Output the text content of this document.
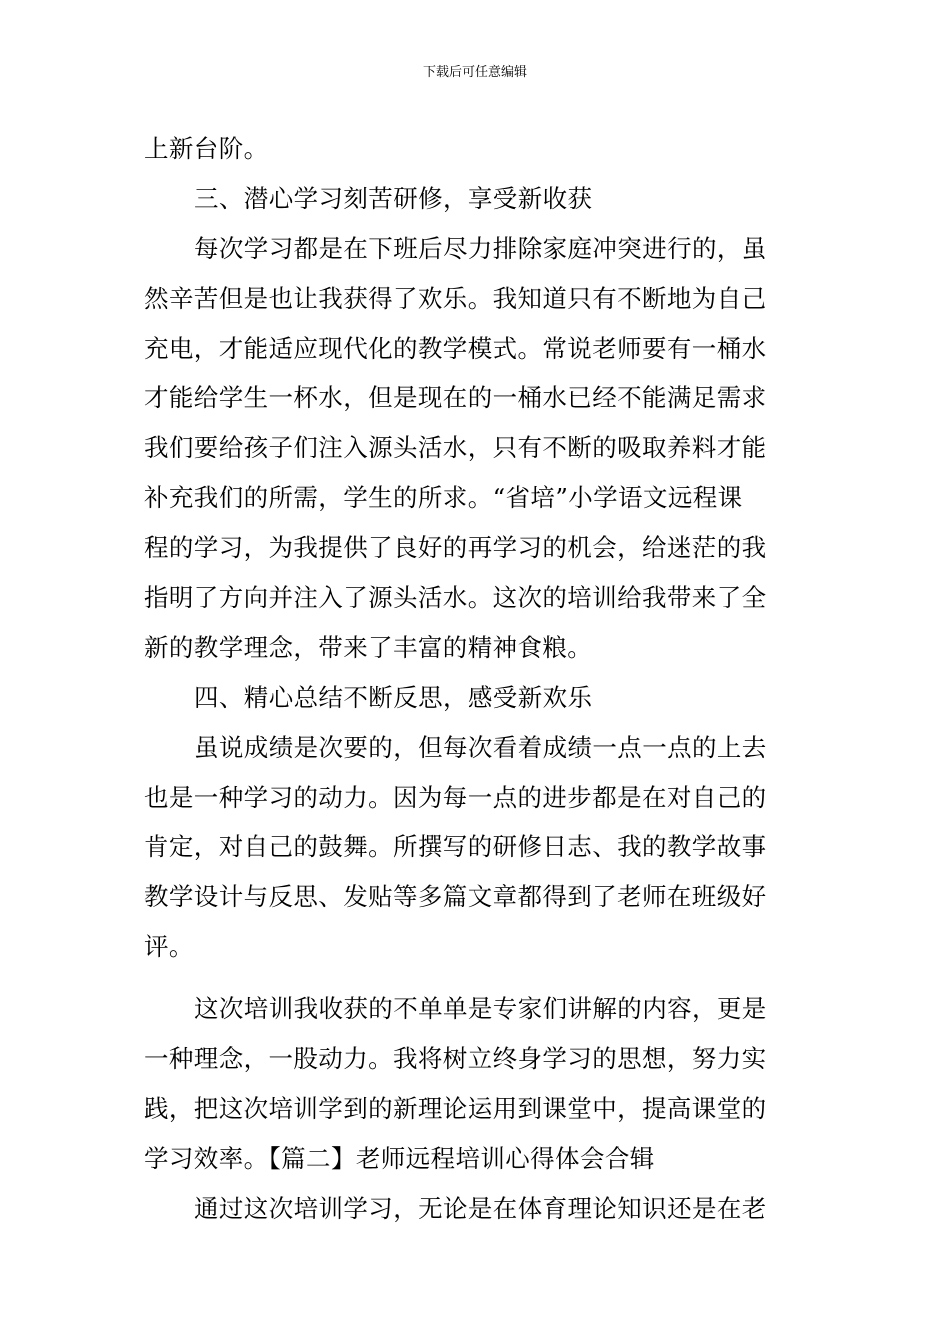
下载后可任意编辑
上新台阶。
三、潜心学习刻苦研修，享受新收获
每次学习都是在下班后尽力排除家庭冲突进行的，虽
然辛苦但是也让我获得了欢乐。我知道只有不断地为自己
充电，才能适应现代化的教学模式。常说老师要有一桶水
才能给学生一杯水，但是现在的一桶水已经不能满足需求
我们要给孩子们注入源头活水，只有不断的吸取养料才能
补充我们的所需，学生的所求。“省培”小学语文远程课
程的学习，为我提供了良好的再学习的机会，给迷茫的我
指明了方向并注入了源头活水。这次的培训给我带来了全
新的教学理念，带来了丰富的精神食粮。
四、精心总结不断反思，感受新欢乐
虽说成绩是次要的，但每次看着成绩一点一点的上去
也是一种学习的动力。因为每一点的进步都是在对自己的
肯定，对自己的鼓舞。所撰写的研修日志、我的教学故事
教学设计与反思、发贴等多篇文章都得到了老师在班级好
评。
这次培训我收获的不单单是专家们讲解的内容，更是
一种理念，一股动力。我将树立终身学习的思想，努力实
践，把这次培训学到的新理论运用到课堂中，提高课堂的
学习效率。【篇二】老师远程培训心得体会合辑
通过这次培训学习，无论是在体育理论知识还是在老
